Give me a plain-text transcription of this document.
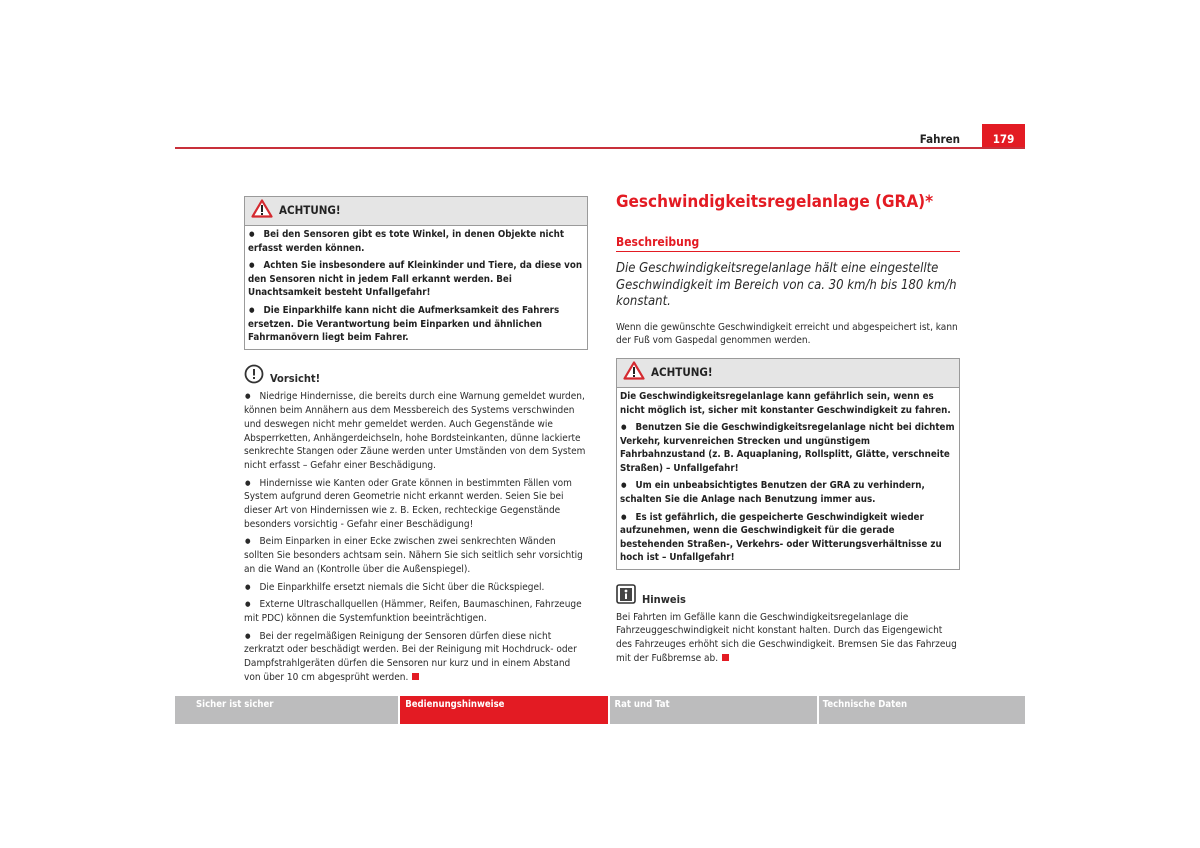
Fahren	179
ACHTUNG!

● Bei den Sensoren gibt es tote Winkel, in denen Objekte nicht erfasst werden können.

● Achten Sie insbesondere auf Kleinkinder und Tiere, da diese von den Sensoren nicht in jedem Fall erkannt werden. Bei Unachtsamkeit besteht Unfallgefahr!

● Die Einparkhilfe kann nicht die Aufmerksamkeit des Fahrers ersetzen. Die Verantwortung beim Einparken und ähnlichen Fahrmanövern liegt beim Fahrer.

Vorsicht!

● Niedrige Hindernisse, die bereits durch eine Warnung gemeldet wurden, können beim Annähern aus dem Messbereich des Systems verschwinden und deswegen nicht mehr gemeldet werden. Auch Gegenstände wie Absperrketten, Anhängerdeichseln, hohe Bordsteinkanten, dünne lackierte senkrechte Stangen oder Zäune werden unter Umständen von dem System nicht erfasst – Gefahr einer Beschädigung.

● Hindernisse wie Kanten oder Grate können in bestimmten Fällen vom System aufgrund deren Geometrie nicht erkannt werden. Seien Sie bei dieser Art von Hindernissen wie z. B. Ecken, rechteckige Gegenstände besonders vorsichtig - Gefahr einer Beschädigung!

● Beim Einparken in einer Ecke zwischen zwei senkrechten Wänden sollten Sie besonders achtsam sein. Nähern Sie sich seitlich sehr vorsichtig an die Wand an (Kontrolle über die Außenspiegel).

● Die Einparkhilfe ersetzt niemals die Sicht über die Rückspiegel.

● Externe Ultraschallquellen (Hämmer, Reifen, Baumaschinen, Fahrzeuge mit PDC) können die Systemfunktion beeinträchtigen.

● Bei der regelmäßigen Reinigung der Sensoren dürfen diese nicht zerkratzt oder beschädigt werden. Bei der Reinigung mit Hochdruck- oder Dampfstrahlgeräten dürfen die Sensoren nur kurz und in einem Abstand von über 10 cm abgesprüht werden.

Geschwindigkeitsregelanlage (GRA)*
Beschreibung
Die Geschwindigkeitsregelanlage hält eine eingestellte Geschwindigkeit im Bereich von ca. 30 km/h bis 180 km/h konstant.
Wenn die gewünschte Geschwindigkeit erreicht und abgespeichert ist, kann der Fuß vom Gaspedal genommen werden.
ACHTUNG!

Die Geschwindigkeitsregelanlage kann gefährlich sein, wenn es nicht möglich ist, sicher mit konstanter Geschwindigkeit zu fahren.

● Benutzen Sie die Geschwindigkeitsregelanlage nicht bei dichtem Verkehr, kurvenreichen Strecken und ungünstigem Fahrbahnzustand (z. B. Aquaplaning, Rollsplitt, Glätte, verschneite Straßen) – Unfallgefahr!

● Um ein unbeabsichtigtes Benutzen der GRA zu verhindern, schalten Sie die Anlage nach Benutzung immer aus.

● Es ist gefährlich, die gespeicherte Geschwindigkeit wieder aufzunehmen, wenn die Geschwindigkeit für die gerade bestehenden Straßen-, Verkehrs- oder Witterungsverhältnisse zu hoch ist – Unfallgefahr!

Hinweis

Bei Fahrten im Gefälle kann die Geschwindigkeitsregelanlage die Fahrzeuggeschwindigkeit nicht konstant halten. Durch das Eigengewicht des Fahrzeuges erhöht sich die Geschwindigkeit. Bremsen Sie das Fahrzeug mit der Fußbremse ab.

Sicher ist sicher	Bedienungshinweise	Rat und Tat	Technische Daten
